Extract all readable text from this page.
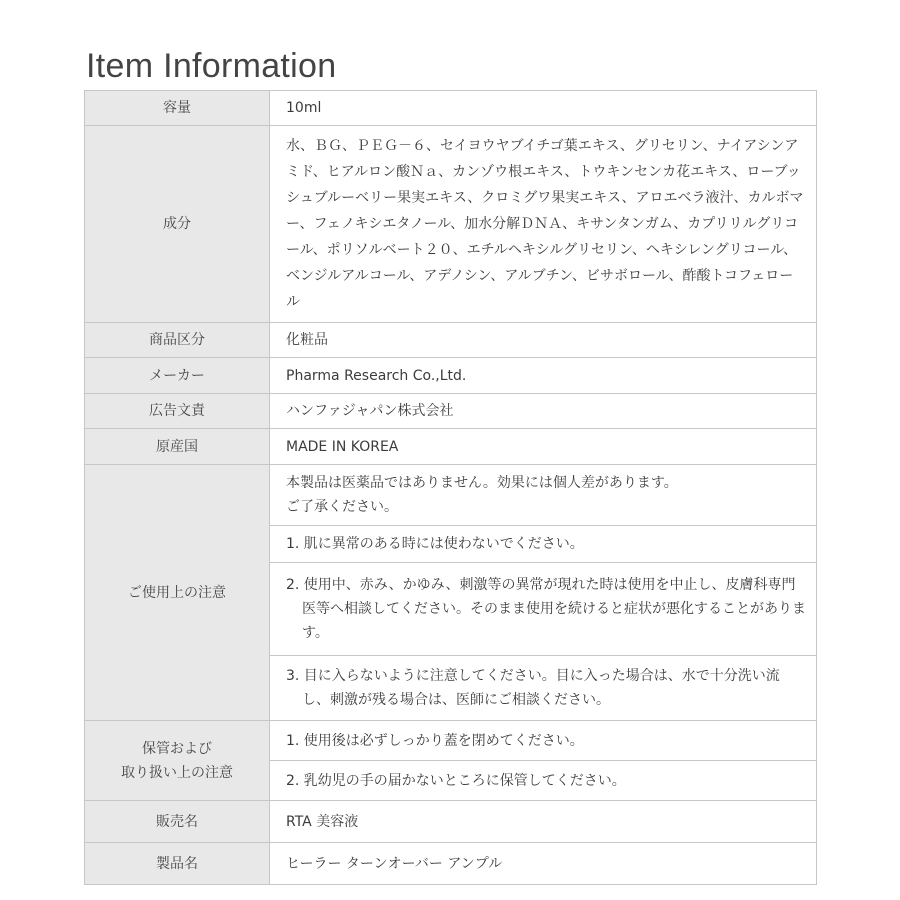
Item Information
容量	10ml
成分	水、ＢＧ、ＰＥＧ－６、セイヨウヤブイチゴ葉エキス、グリセリン、ナイアシンアミド、ヒアルロン酸Ｎａ、カンゾウ根エキス、トウキンセンカ花エキス、ローブッシュブルーベリー果実エキス、クロミグワ果実エキス、アロエベラ液汁、カルボマー、フェノキシエタノール、加水分解ＤＮＡ、キサンタンガム、カプリリルグリコール、ポリソルベート２０、エチルヘキシルグリセリン、ヘキシレングリコール、ベンジルアルコール、アデノシン、アルブチン、ビサボロール、酢酸トコフェロール
商品区分	化粧品
メーカー	Pharma Research Co.,Ltd.
広告文責	ハンファジャパン株式会社
原産国	MADE IN KOREA
ご使用上の注意	本製品は医薬品ではありません。効果には個人差があります。
ご了承ください。
	1. 肌に異常のある時には使わないでください。
	2. 使用中、赤み、かゆみ、刺激等の異常が現れた時は使用を中止し、皮膚科専門医等へ相談してください。そのまま使用を続けると症状が悪化することがあります。
	3. 目に入らないように注意してください。目に入った場合は、水で十分洗い流し、刺激が残る場合は、医師にご相談ください。
保管および
取り扱い上の注意	1. 使用後は必ずしっかり蓋を閉めてください。
	2. 乳幼児の手の届かないところに保管してください。
販売名	RTA 美容液
製品名	ヒーラー ターンオーバー アンプル
